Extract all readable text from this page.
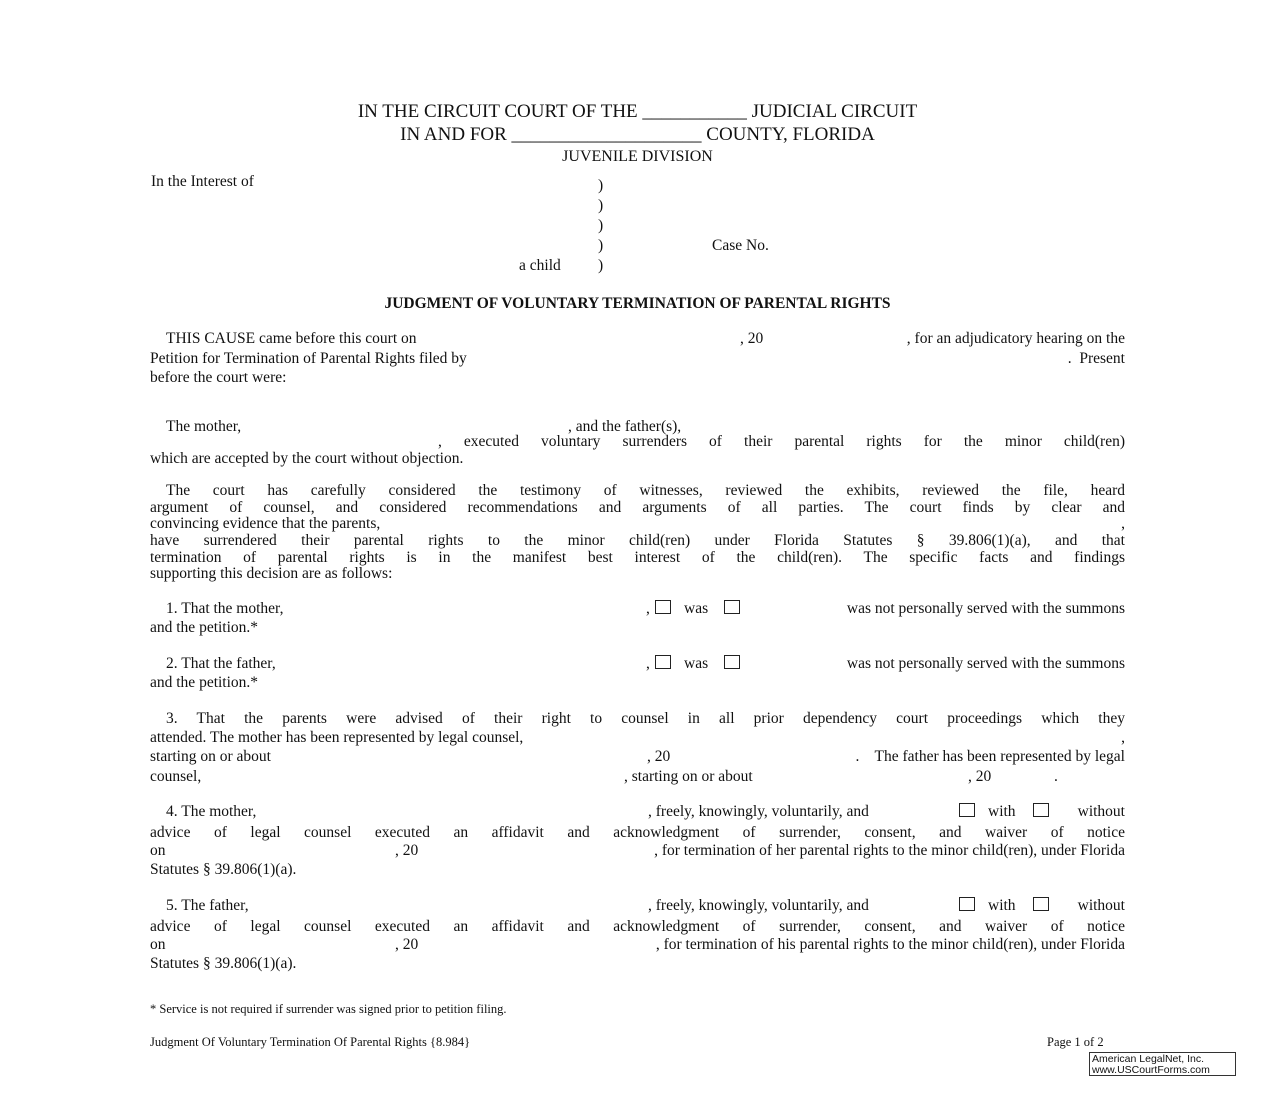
IN THE CIRCUIT COURT OF THE ___________ JUDICIAL CIRCUIT
IN AND FOR ____________________ COUNTY, FLORIDA
JUVENILE DIVISION
In the Interest of	)
)
)
)
)
Case No.
a child
JUDGMENT OF VOLUNTARY TERMINATION OF PARENTAL RIGHTS
THIS CAUSE came before this court on	, 20	, for an adjudicatory hearing on the
Petition for Termination of Parental Rights filed by	.  Present
before the court were:
The mother,	, and the father(s),
, executed voluntary surrenders of their parental rights for the minor child(ren)
which are accepted by the court without objection.
The court has carefully considered the testimony of witnesses, reviewed the exhibits, reviewed the file, heard
argument of counsel, and considered recommendations and arguments of all parties. The court finds by clear and
convincing evidence that the parents,	,
have surrendered their parental rights to the minor child(ren) under Florida Statutes § 39.806(1)(a), and that
termination of parental rights is in the manifest best interest of the child(ren). The specific facts and findings
supporting this decision are as follows:
1. That the mother,	, was	was not personally served with the summons
and the petition.*
2. That the father,	, was	was not personally served with the summons
and the petition.*
3. That the parents were advised of their right to counsel in all prior dependency court proceedings which they
attended. The mother has been represented by legal counsel,	,
starting on or about	, 20	.    The father has been represented by legal
counsel,	, starting on or about	, 20	.
4. The mother,	, freely, knowingly, voluntarily, and	with	without
advice of legal counsel executed an affidavit and acknowledgment of surrender, consent, and waiver of notice
on	, 20	, for termination of her parental rights to the minor child(ren), under Florida
Statutes § 39.806(1)(a).
5. The father,	, freely, knowingly, voluntarily, and	with	without
advice of legal counsel executed an affidavit and acknowledgment of surrender, consent, and waiver of notice
on	, 20	, for termination of his parental rights to the minor child(ren), under Florida
Statutes § 39.806(1)(a).
* Service is not required if surrender was signed prior to petition filing.
Judgment Of Voluntary Termination Of Parental Rights {8.984}	Page 1 of 2
American LegalNet, Inc.
www.USCourtForms.com
